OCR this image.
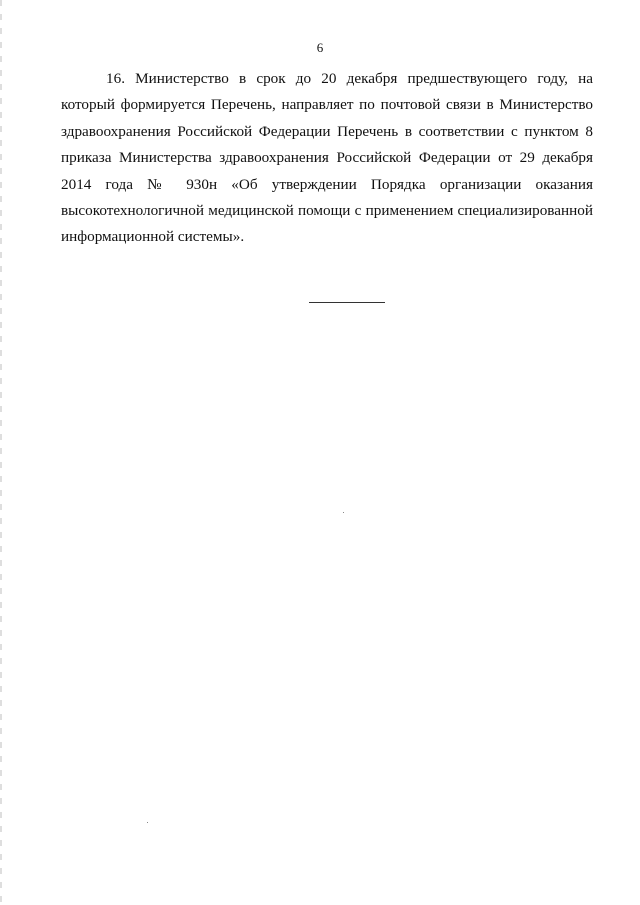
6

16. Министерство в срок до 20 декабря предшествующего году, на который формируется Перечень, направляет по почтовой связи в Министерство здравоохранения Российской Федерации Перечень в соответствии с пунктом 8 приказа Министерства здравоохранения Российской Федерации от 29 декабря 2014 года № 930н «Об утверждении Порядка организации оказания высокотехнологичной медицинской помощи с применением специализированной информационной системы».
